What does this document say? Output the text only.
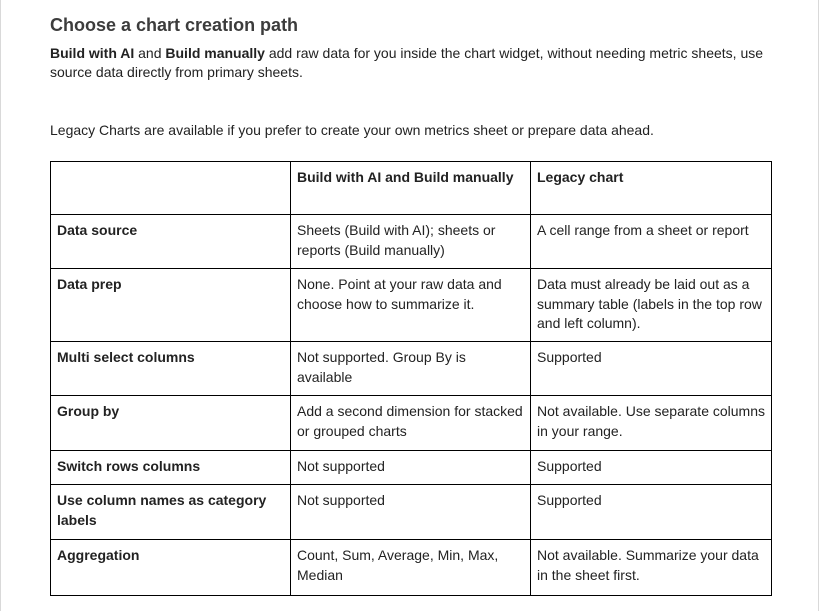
Choose a chart creation path

Build with AI and Build manually add raw data for you inside the chart widget, without needing metric sheets, use source data directly from primary sheets.

Legacy Charts are available if you prefer to create your own metrics sheet or prepare data ahead.

	Build with AI and Build manually	Legacy chart
Data source	Sheets (Build with AI); sheets or reports (Build manually)	A cell range from a sheet or report
Data prep	None. Point at your raw data and choose how to summarize it.	Data must already be laid out as a summary table (labels in the top row and left column).
Multi select columns	Not supported. Group By is available	Supported
Group by	Add a second dimension for stacked or grouped charts	Not available. Use separate columns in your range.
Switch rows columns	Not supported	Supported
Use column names as category labels	Not supported	Supported
Aggregation	Count, Sum, Average, Min, Max, Median	Not available. Summarize your data in the sheet first.
